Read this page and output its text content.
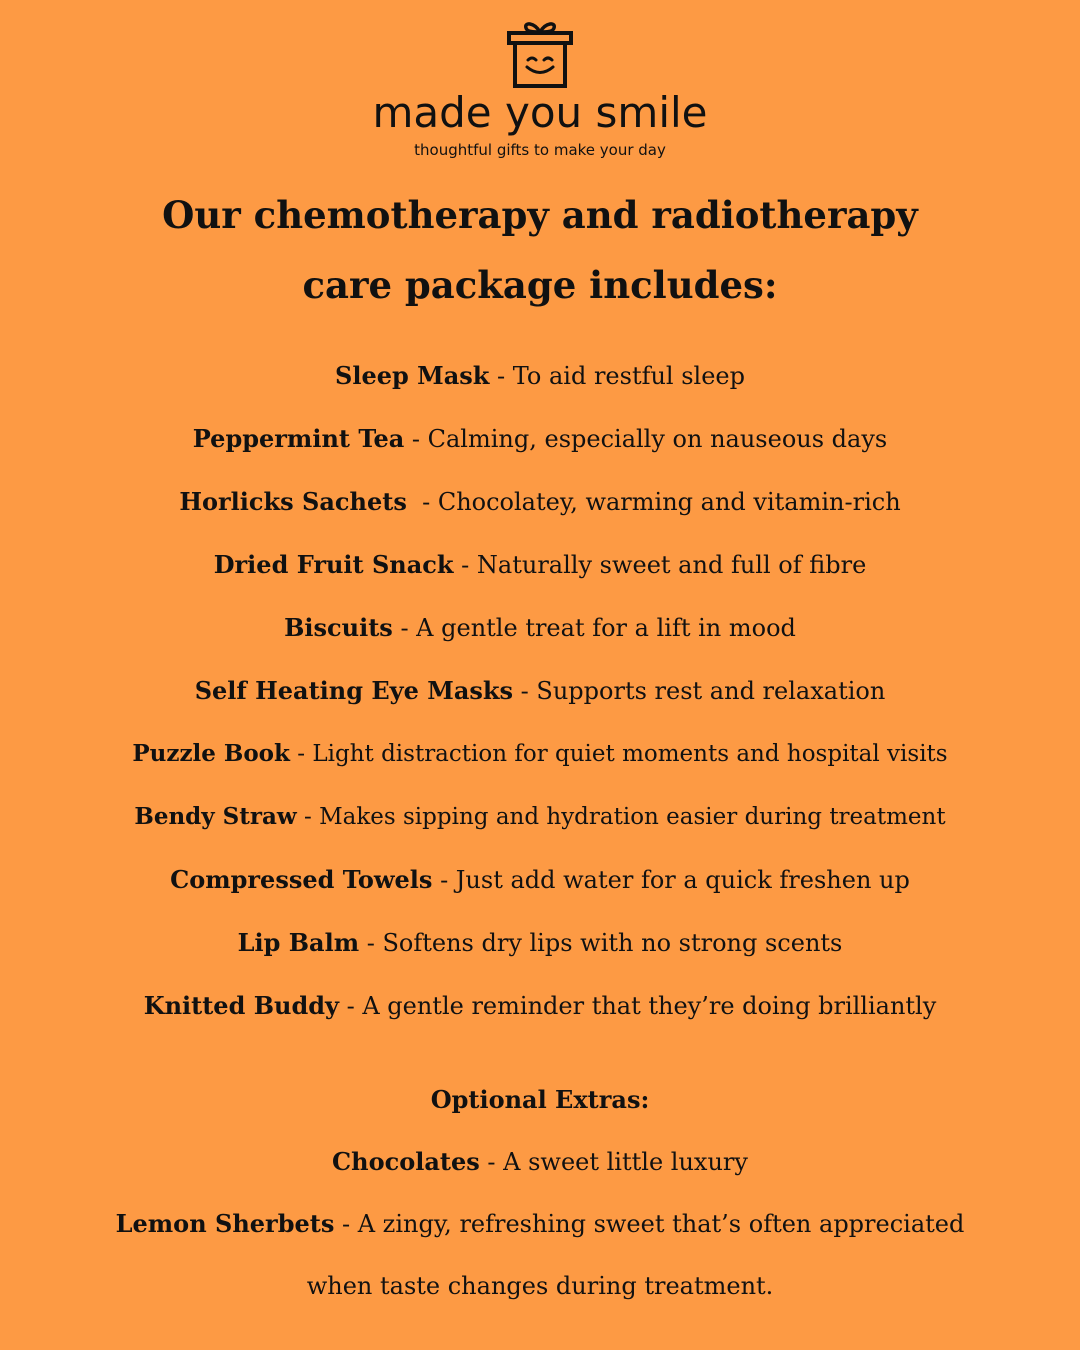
made you smile
thoughtful gifts to make your day
Our chemotherapy and radiotherapy
care package includes:
Sleep Mask - To aid restful sleep
Peppermint Tea - Calming, especially on nauseous days
Horlicks Sachets  - Chocolatey, warming and vitamin-rich
Dried Fruit Snack - Naturally sweet and full of fibre
Biscuits - A gentle treat for a lift in mood
Self Heating Eye Masks - Supports rest and relaxation
Puzzle Book - Light distraction for quiet moments and hospital visits
Bendy Straw - Makes sipping and hydration easier during treatment
Compressed Towels - Just add water for a quick freshen up
Lip Balm - Softens dry lips with no strong scents
Knitted Buddy - A gentle reminder that they’re doing brilliantly
Optional Extras:
Chocolates - A sweet little luxury
Lemon Sherbets - A zingy, refreshing sweet that’s often appreciated
when taste changes during treatment.
